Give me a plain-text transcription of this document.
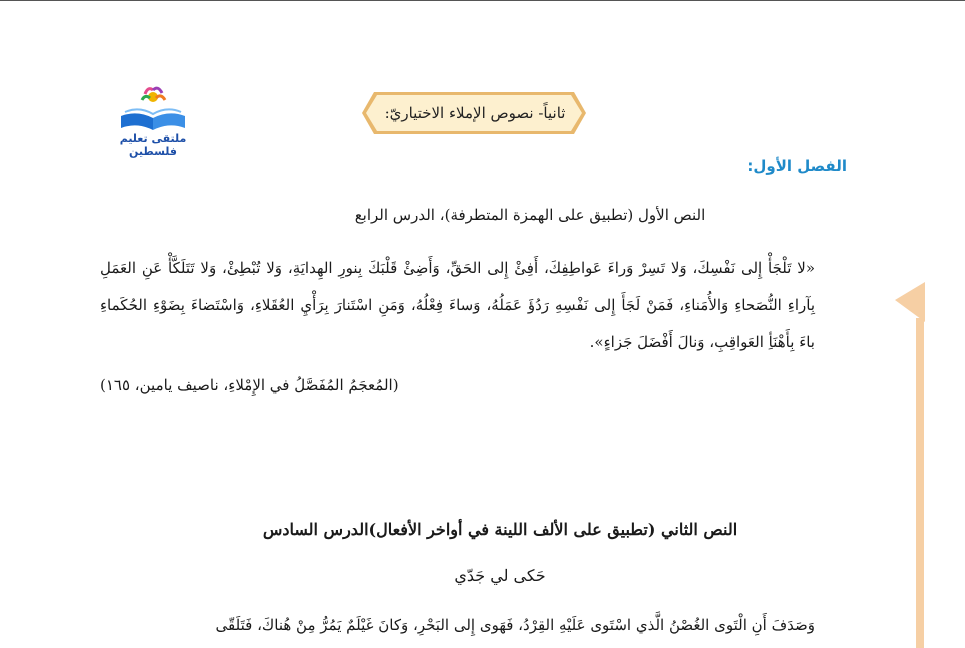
ملتقى تعليم فلسطين
ثانياً- نصوص الإملاء الاختياريّ:
الفصل الأول:
النص الأول (تطبيق على الهمزة المتطرفة)، الدرس الرابع
«لا تَلْجَأْ إِلى نَفْسِكَ، وَلا تَسِرْ وَراءَ عَواطِفِكَ، أَفِئْ إِلى الحَقِّ، وَأَضِئْ قَلْبَكَ بِنورِ الهِدايَةِ، وَلا تُبْطِئْ، وَلا تَتَلَكَّأْ عَنِ العَمَلِ بِآراءِ النُّصَحاءِ وَالأُمَناءِ، فَمَنْ لَجَأَ إِلى نَفْسِهِ رَدُؤَ عَمَلُهُ، وَساءَ فِعْلُهُ، وَمَنِ اسْتَنارَ بِرَأْيِ العُقَلاءِ، وَاسْتَضاءَ بِضَوْءِ الحُكَماءِ باءَ بِأَهْنَأِ العَواقِبِ، وَنالَ أَفْضَلَ جَزاءٍ».
(المُعجَمُ المُفَصَّلُ في الإِمْلاءِ، ناصيف يامين، ١٦٥)
النص الثاني (تطبيق على الألف اللينة في أواخر الأفعال)الدرس السادس
حَكى لي جَدّي
وَصَدَفَ أَنِ الْتَوى الغُصْنُ الَّذي اسْتَوى عَلَيْهِ القِرْدُ، فَهَوى إِلى البَحْرِ، وَكانَ غَيْلَمٌ يَمُرُّ مِنْ هُناكَ، فَتَلَقّى
